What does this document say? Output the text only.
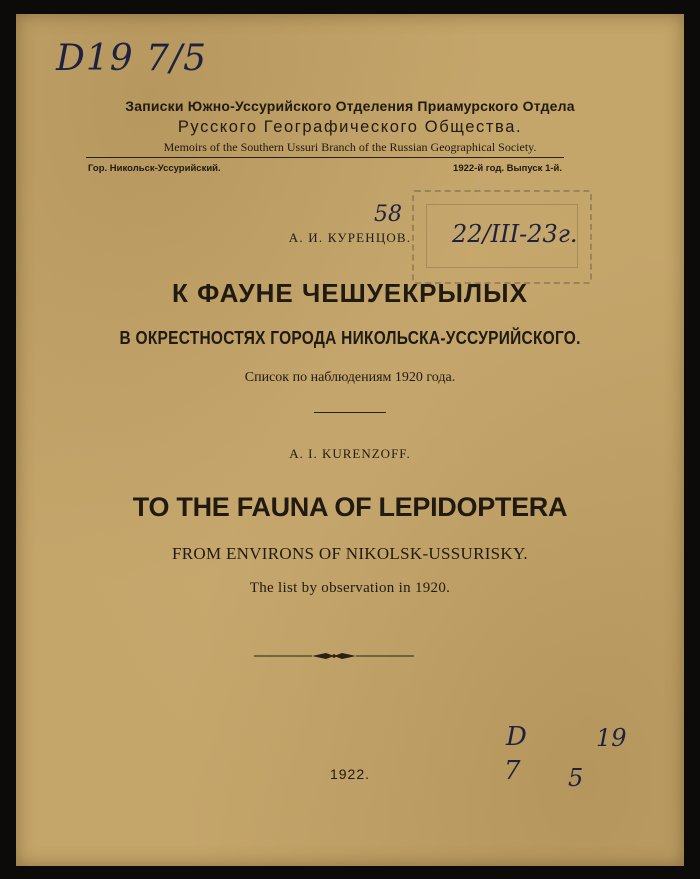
D19 7/5
Записки Южно-Уссурийского Отделения Приамурского Отдела
Русского Географического Общества.
Memoirs of the Southern Ussuri Branch of the Russian Geographical Society.
Гор. Никольск-Уссурийский.	1922-й год. Выпуск 1-й.
А. И. КУРЕНЦОВ.
58
22/III-23г.
К ФАУНЕ ЧЕШУЕКРЫЛЫХ
В ОКРЕСТНОСТЯХ ГОРОДА НИКОЛЬСКА-УССУРИЙСКОГО.
Список по наблюдениям 1920 года.
A. I. KURENZOFF.
TO THE FAUNA OF LEPIDOPTERA
FROM ENVIRONS OF NIKOLSK-USSURISKY.
The list by observation in 1920.
D	19
7 5
1922.
